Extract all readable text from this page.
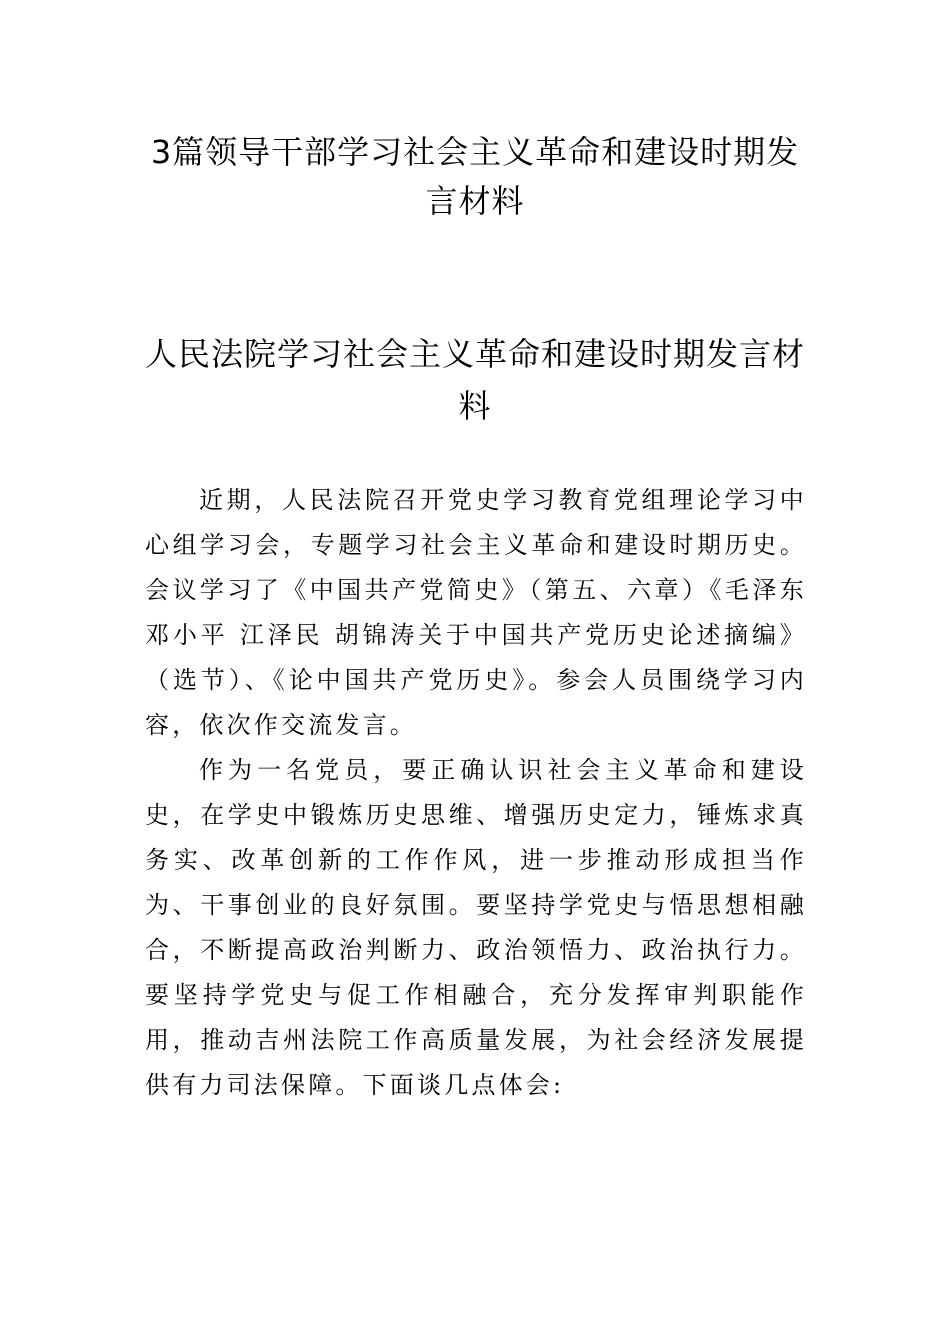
3篇领导干部学习社会主义革命和建设时期发言材料
人民法院学习社会主义革命和建设时期发言材料

近期，人民法院召开党史学习教育党组理论学习中心组学习会，专题学习社会主义革命和建设时期历史。会议学习了《中国共产党简史》（第五、六章）《毛泽东 邓小平 江泽民 胡锦涛关于中国共产党历史论述摘编》（选节）、《论中国共产党历史》。参会人员围绕学习内容，依次作交流发言。

作为一名党员，要正确认识社会主义革命和建设史，在学史中锻炼历史思维、增强历史定力，锤炼求真务实、改革创新的工作作风，进一步推动形成担当作为、干事创业的良好氛围。要坚持学党史与悟思想相融合，不断提高政治判断力、政治领悟力、政治执行力。要坚持学党史与促工作相融合，充分发挥审判职能作用，推动吉州法院工作高质量发展，为社会经济发展提供有力司法保障。下面谈几点体会:
